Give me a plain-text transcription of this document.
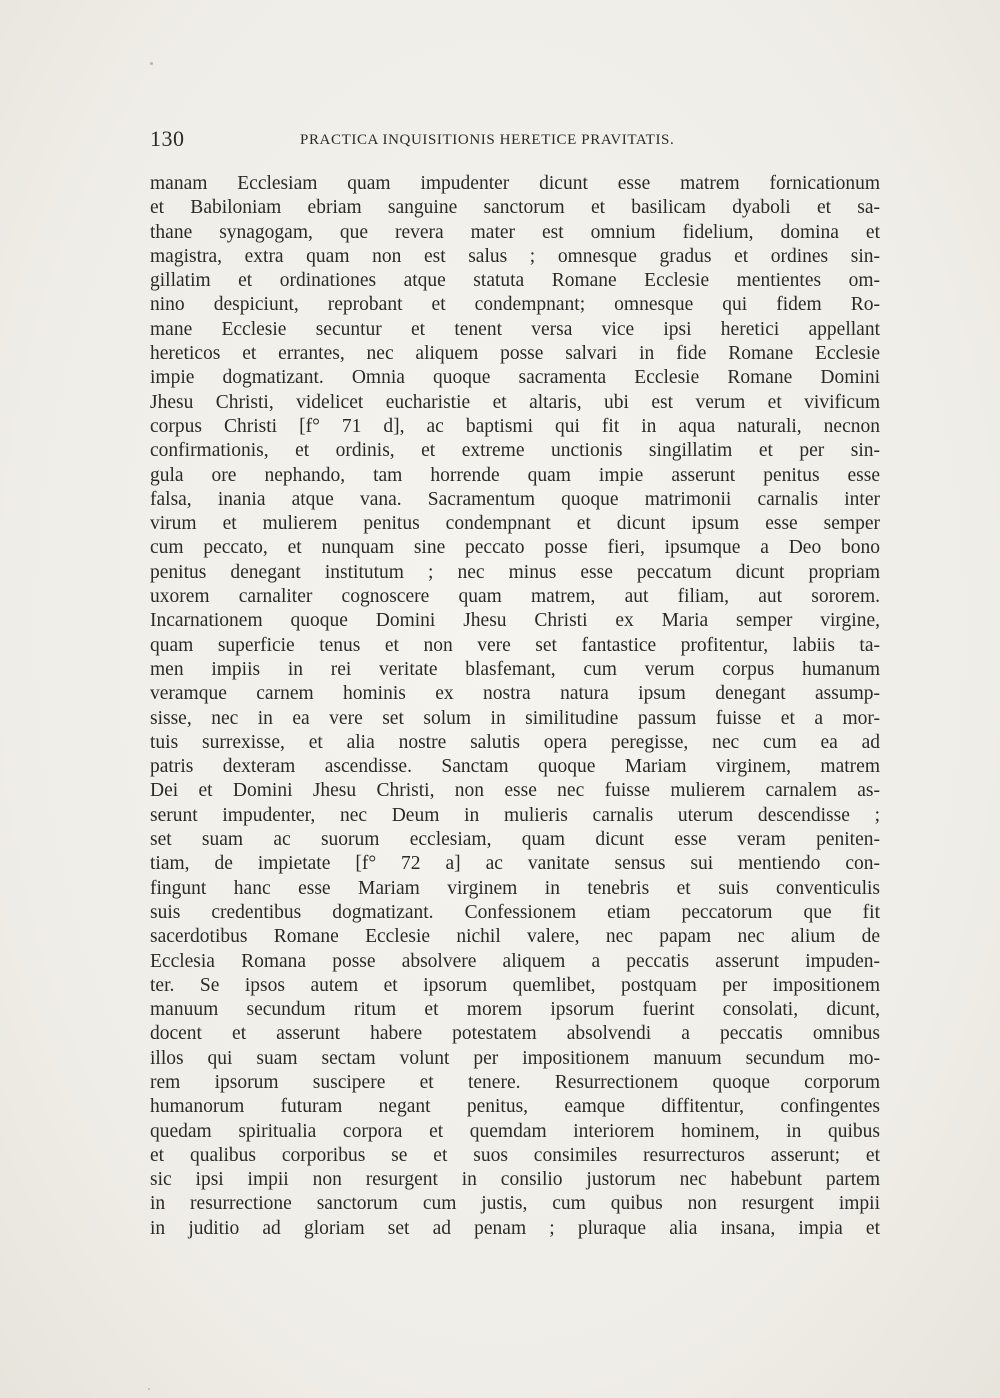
130	PRACTICA INQUISITIONIS HERETICE PRAVITATIS.
manam Ecclesiam quam impudenter dicunt esse matrem fornicationum
et Babiloniam ebriam sanguine sanctorum et basilicam dyaboli et sa-
thane synagogam, que revera mater est omnium fidelium, domina et
magistra, extra quam non est salus ; omnesque gradus et ordines sin-
gillatim et ordinationes atque statuta Romane Ecclesie mentientes om-
nino despiciunt, reprobant et condempnant; omnesque qui fidem Ro-
mane Ecclesie secuntur et tenent versa vice ipsi heretici appellant
hereticos et errantes, nec aliquem posse salvari in fide Romane Ecclesie
impie dogmatizant. Omnia quoque sacramenta Ecclesie Romane Domini
Jhesu Christi, videlicet eucharistie et altaris, ubi est verum et vivificum
corpus Christi [f° 71 d], ac baptismi qui fit in aqua naturali, necnon
confirmationis, et ordinis, et extreme unctionis singillatim et per sin-
gula ore nephando, tam horrende quam impie asserunt penitus esse
falsa, inania atque vana. Sacramentum quoque matrimonii carnalis inter
virum et mulierem penitus condempnant et dicunt ipsum esse semper
cum peccato, et nunquam sine peccato posse fieri, ipsumque a Deo bono
penitus denegant institutum ; nec minus esse peccatum dicunt propriam
uxorem carnaliter cognoscere quam matrem, aut filiam, aut sororem.
Incarnationem quoque Domini Jhesu Christi ex Maria semper virgine,
quam superficie tenus et non vere set fantastice profitentur, labiis ta-
men impiis in rei veritate blasfemant, cum verum corpus humanum
veramque carnem hominis ex nostra natura ipsum denegant assump-
sisse, nec in ea vere set solum in similitudine passum fuisse et a mor-
tuis surrexisse, et alia nostre salutis opera peregisse, nec cum ea ad
patris dexteram ascendisse. Sanctam quoque Mariam virginem, matrem
Dei et Domini Jhesu Christi, non esse nec fuisse mulierem carnalem as-
serunt impudenter, nec Deum in mulieris carnalis uterum descendisse ;
set suam ac suorum ecclesiam, quam dicunt esse veram peniten-
tiam, de impietate [f° 72 a] ac vanitate sensus sui mentiendo con-
fingunt hanc esse Mariam virginem in tenebris et suis conventiculis
suis credentibus dogmatizant. Confessionem etiam peccatorum que fit
sacerdotibus Romane Ecclesie nichil valere, nec papam nec alium de
Ecclesia Romana posse absolvere aliquem a peccatis asserunt impuden-
ter. Se ipsos autem et ipsorum quemlibet, postquam per impositionem
manuum secundum ritum et morem ipsorum fuerint consolati, dicunt,
docent et asserunt habere potestatem absolvendi a peccatis omnibus
illos qui suam sectam volunt per impositionem manuum secundum mo-
rem ipsorum suscipere et tenere. Resurrectionem quoque corporum
humanorum futuram negant penitus, eamque diffitentur, confingentes
quedam spiritualia corpora et quemdam interiorem hominem, in quibus
et qualibus corporibus se et suos consimiles resurrecturos asserunt; et
sic ipsi impii non resurgent in consilio justorum nec habebunt partem
in resurrectione sanctorum cum justis, cum quibus non resurgent impii
in juditio ad gloriam set ad penam ; pluraque alia insana, impia et
